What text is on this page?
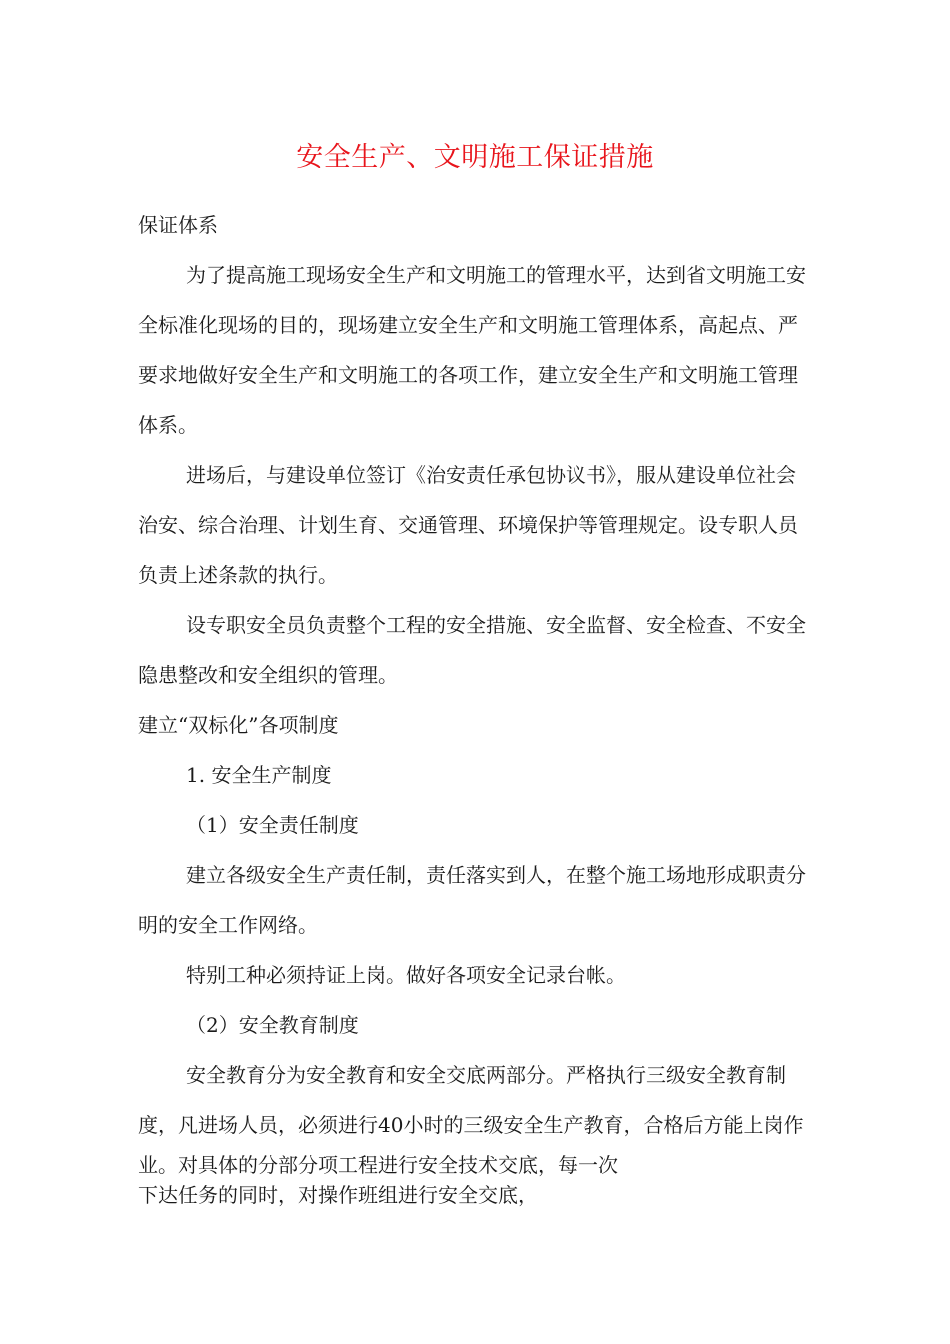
安全生产、文明施工保证措施

保证体系

为了提高施工现场安全生产和文明施工的管理水平，达到省文明施工安

全标准化现场的目的，现场建立安全生产和文明施工管理体系，高起点、严

要求地做好安全生产和文明施工的各项工作，建立安全生产和文明施工管理

体系。

进场后，与建设单位签订《治安责任承包协议书》，服从建设单位社会

治安、综合治理、计划生育、交通管理、环境保护等管理规定。设专职人员

负责上述条款的执行。

设专职安全员负责整个工程的安全措施、安全监督、安全检查、不安全

隐患整改和安全组织的管理。

建立“双标化”各项制度

1. 安全生产制度

（1）安全责任制度

建立各级安全生产责任制，责任落实到人，在整个施工场地形成职责分

明的安全工作网络。

特别工种必须持证上岗。做好各项安全记录台帐。

（2）安全教育制度

安全教育分为安全教育和安全交底两部分。严格执行三级安全教育制

度，凡进场人员，必须进行40小时的三级安全生产教育，合格后方能上岗作

业。对具体的分部分项工程进行安全技术交底，每一次

下达任务的同时，对操作班组进行安全交底，
